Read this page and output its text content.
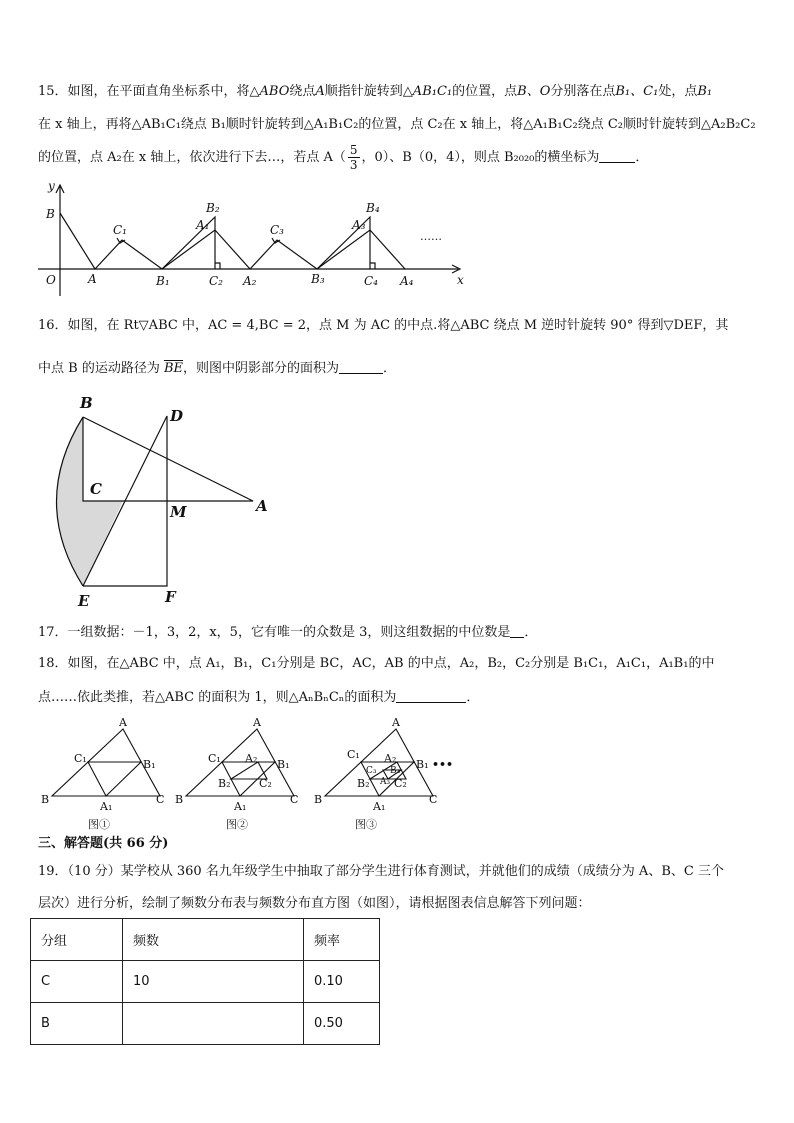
15．如图，在平面直角坐标系中，将△ABO绕点A顺指针旋转到△AB₁C₁的位置，点B、O分别落在点B₁、C₁处，点B₁
在 x 轴上，再将△AB₁C₁绕点 B₁顺时针旋转到△A₁B₁C₂的位置，点 C₂在 x 轴上，将△A₁B₁C₂绕点 C₂顺时针旋转到△A₂B₂C₂
的位置，点 A₂在 x 轴上，依次进行下去…，若点 $A( \frac{5}{3}$ ，0）、B（0，4），则点 B₂₀₂₀的横坐标为	．
y
x
O
B
A
C₁
B₁
B₂
A₁
C₂ A₂
C₃
B₃
B₄
A₃
C₄ A₄
……
16．如图，在 Rt▽ABC 中，AC = 4,BC = 2，点 M 为 AC 的中点.将△ABC 绕点 M 逆时针旋转 90° 得到▽DEF，其
中点 B 的运动路径为 $\overline{BE}$，则图中阴影部分的面积为	．
B
D
C
M	A
E	F
17．一组数据：－1，3，2，x，5，它有唯一的众数是 3，则这组数据的中位数是 ．
18．如图，在△ABC 中，点 A₁，B₁，C₁分别是 BC，AC，AB 的中点，A₂，B₂，C₂分别是 B₁C₁，A₁C₁，A₁B₁的中
点……依此类推，若△ABC 的面积为 1，则△AₙBₙCₙ的面积为	．
A
B	C
C₁	B₁
A₁
图①
A
B	C
C₁	B₁
A₁
A₂
B₂	C₂
图②
A
B	C
C₁
B₁
A₁
A₂
B₂ C₂
C₃ B₃
A₃
•••
图③
三、解答题(共 66 分)
19．（10 分）某学校从 360 名九年级学生中抽取了部分学生进行体育测试，并就他们的成绩（成绩分为 A、B、C 三个
层次）进行分析，绘制了频数分布表与频数分布直方图（如图），请根据图表信息解答下列问题：
分组	频数	频率
C	10	0.10
B		0.50
